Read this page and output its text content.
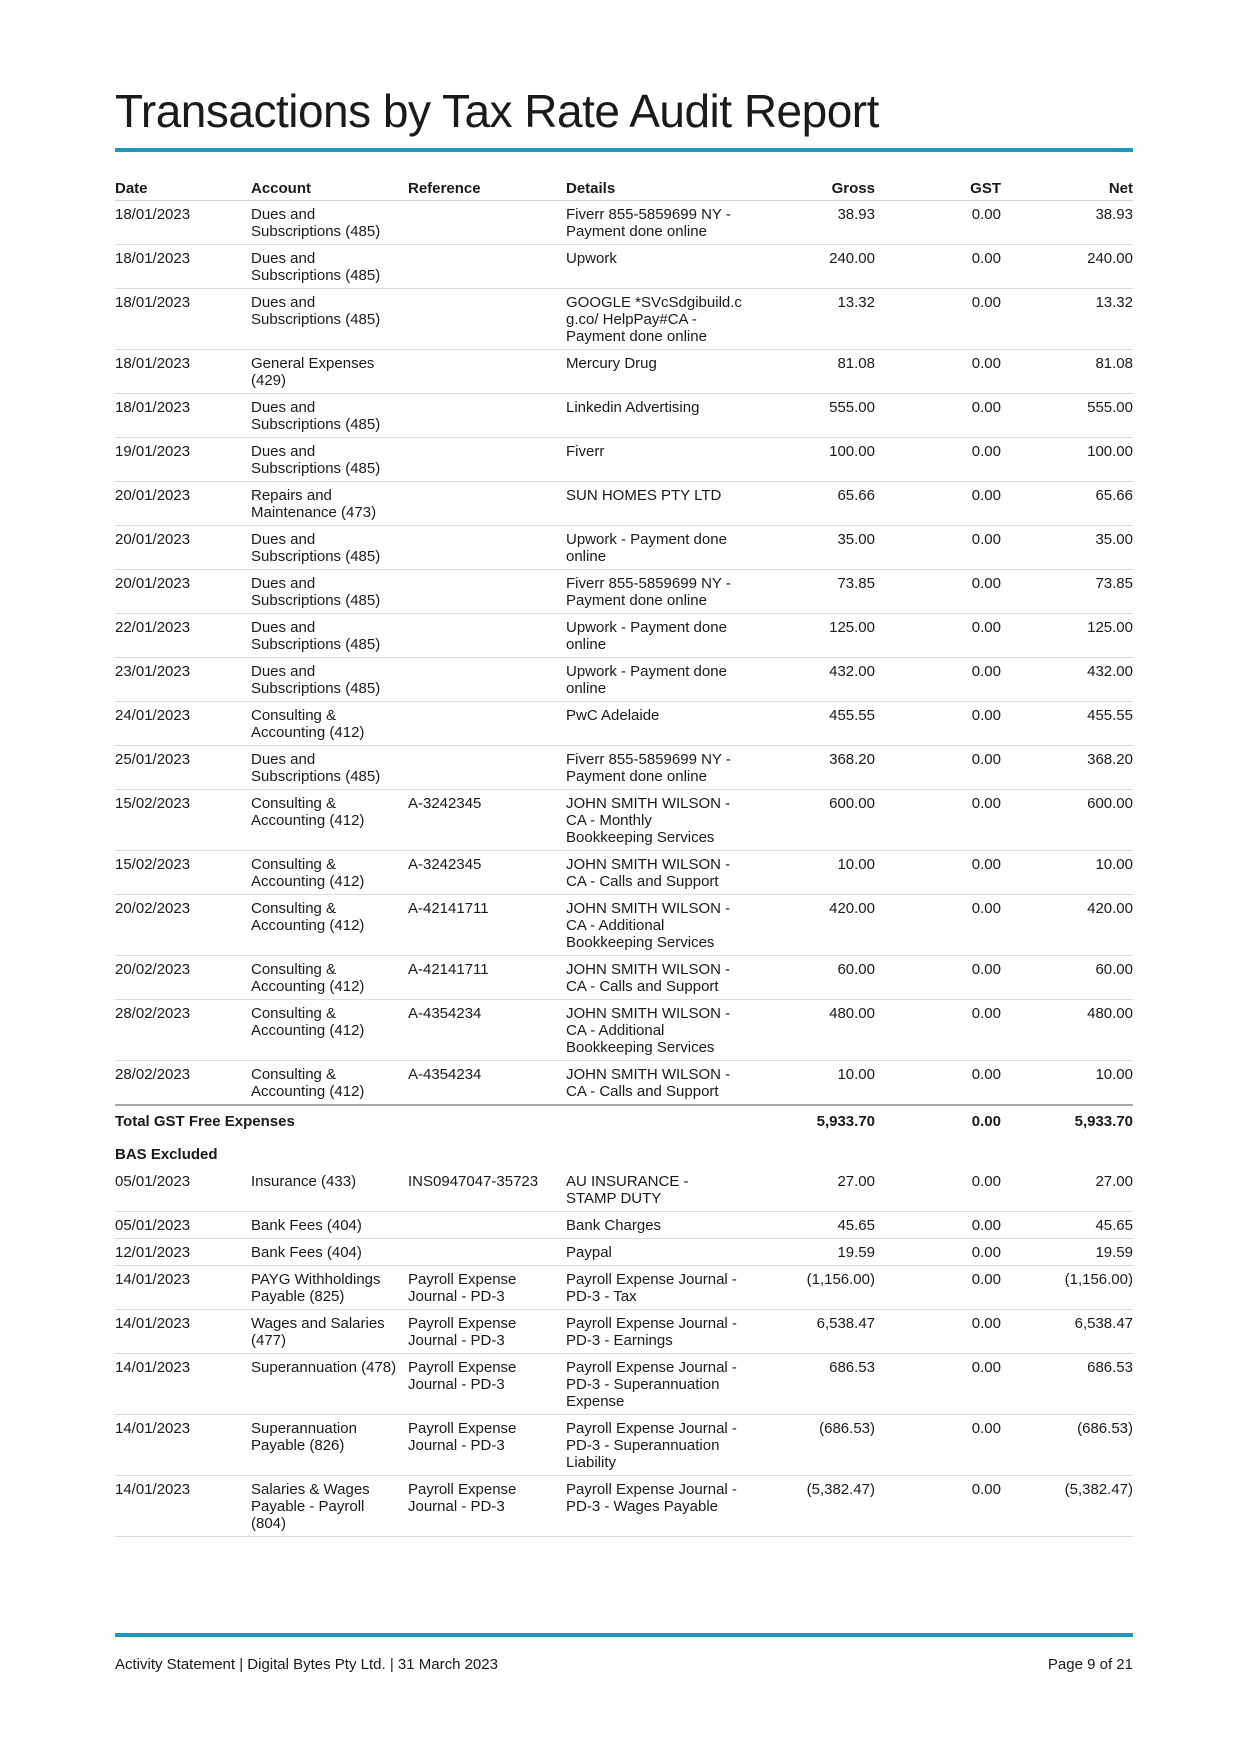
Transactions by Tax Rate Audit Report
Date	Account	Reference	Details	Gross	GST	Net
18/01/2023	Dues and Subscriptions (485)		Fiverr 855-5859699 NY - Payment done online	38.93	0.00	38.93
18/01/2023	Dues and Subscriptions (485)		Upwork	240.00	0.00	240.00
18/01/2023	Dues and Subscriptions (485)		GOOGLE *SVcSdgibuild.c g.co/ HelpPay#CA - Payment done online	13.32	0.00	13.32
18/01/2023	General Expenses (429)		Mercury Drug	81.08	0.00	81.08
18/01/2023	Dues and Subscriptions (485)		Linkedin Advertising	555.00	0.00	555.00
19/01/2023	Dues and Subscriptions (485)		Fiverr	100.00	0.00	100.00
20/01/2023	Repairs and Maintenance (473)		SUN HOMES PTY LTD	65.66	0.00	65.66
20/01/2023	Dues and Subscriptions (485)		Upwork - Payment done online	35.00	0.00	35.00
20/01/2023	Dues and Subscriptions (485)		Fiverr 855-5859699 NY - Payment done online	73.85	0.00	73.85
22/01/2023	Dues and Subscriptions (485)		Upwork - Payment done online	125.00	0.00	125.00
23/01/2023	Dues and Subscriptions (485)		Upwork - Payment done online	432.00	0.00	432.00
24/01/2023	Consulting & Accounting (412)		PwC Adelaide	455.55	0.00	455.55
25/01/2023	Dues and Subscriptions (485)		Fiverr 855-5859699 NY - Payment done online	368.20	0.00	368.20
15/02/2023	Consulting & Accounting (412)	A-3242345	JOHN SMITH WILSON - CA - Monthly Bookkeeping Services	600.00	0.00	600.00
15/02/2023	Consulting & Accounting (412)	A-3242345	JOHN SMITH WILSON - CA - Calls and Support	10.00	0.00	10.00
20/02/2023	Consulting & Accounting (412)	A-42141711	JOHN SMITH WILSON - CA - Additional Bookkeeping Services	420.00	0.00	420.00
20/02/2023	Consulting & Accounting (412)	A-42141711	JOHN SMITH WILSON - CA - Calls and Support	60.00	0.00	60.00
28/02/2023	Consulting & Accounting (412)	A-4354234	JOHN SMITH WILSON - CA - Additional Bookkeeping Services	480.00	0.00	480.00
28/02/2023	Consulting & Accounting (412)	A-4354234	JOHN SMITH WILSON - CA - Calls and Support	10.00	0.00	10.00
Total GST Free Expenses				5,933.70	0.00	5,933.70
BAS Excluded						
05/01/2023	Insurance (433)	INS0947047-35723	AU INSURANCE - STAMP DUTY	27.00	0.00	27.00
05/01/2023	Bank Fees (404)		Bank Charges	45.65	0.00	45.65
12/01/2023	Bank Fees (404)		Paypal	19.59	0.00	19.59
14/01/2023	PAYG Withholdings Payable (825)	Payroll Expense Journal - PD-3	Payroll Expense Journal - PD-3 - Tax	(1,156.00)	0.00	(1,156.00)
14/01/2023	Wages and Salaries (477)	Payroll Expense Journal - PD-3	Payroll Expense Journal - PD-3 - Earnings	6,538.47	0.00	6,538.47
14/01/2023	Superannuation (478)	Payroll Expense Journal - PD-3	Payroll Expense Journal - PD-3 - Superannuation Expense	686.53	0.00	686.53
14/01/2023	Superannuation Payable (826)	Payroll Expense Journal - PD-3	Payroll Expense Journal - PD-3 - Superannuation Liability	(686.53)	0.00	(686.53)
14/01/2023	Salaries & Wages Payable - Payroll (804)	Payroll Expense Journal - PD-3	Payroll Expense Journal - PD-3 - Wages Payable	(5,382.47)	0.00	(5,382.47)
Activity Statement | Digital Bytes Pty Ltd. | 31 March 2023	Page 9 of 21
